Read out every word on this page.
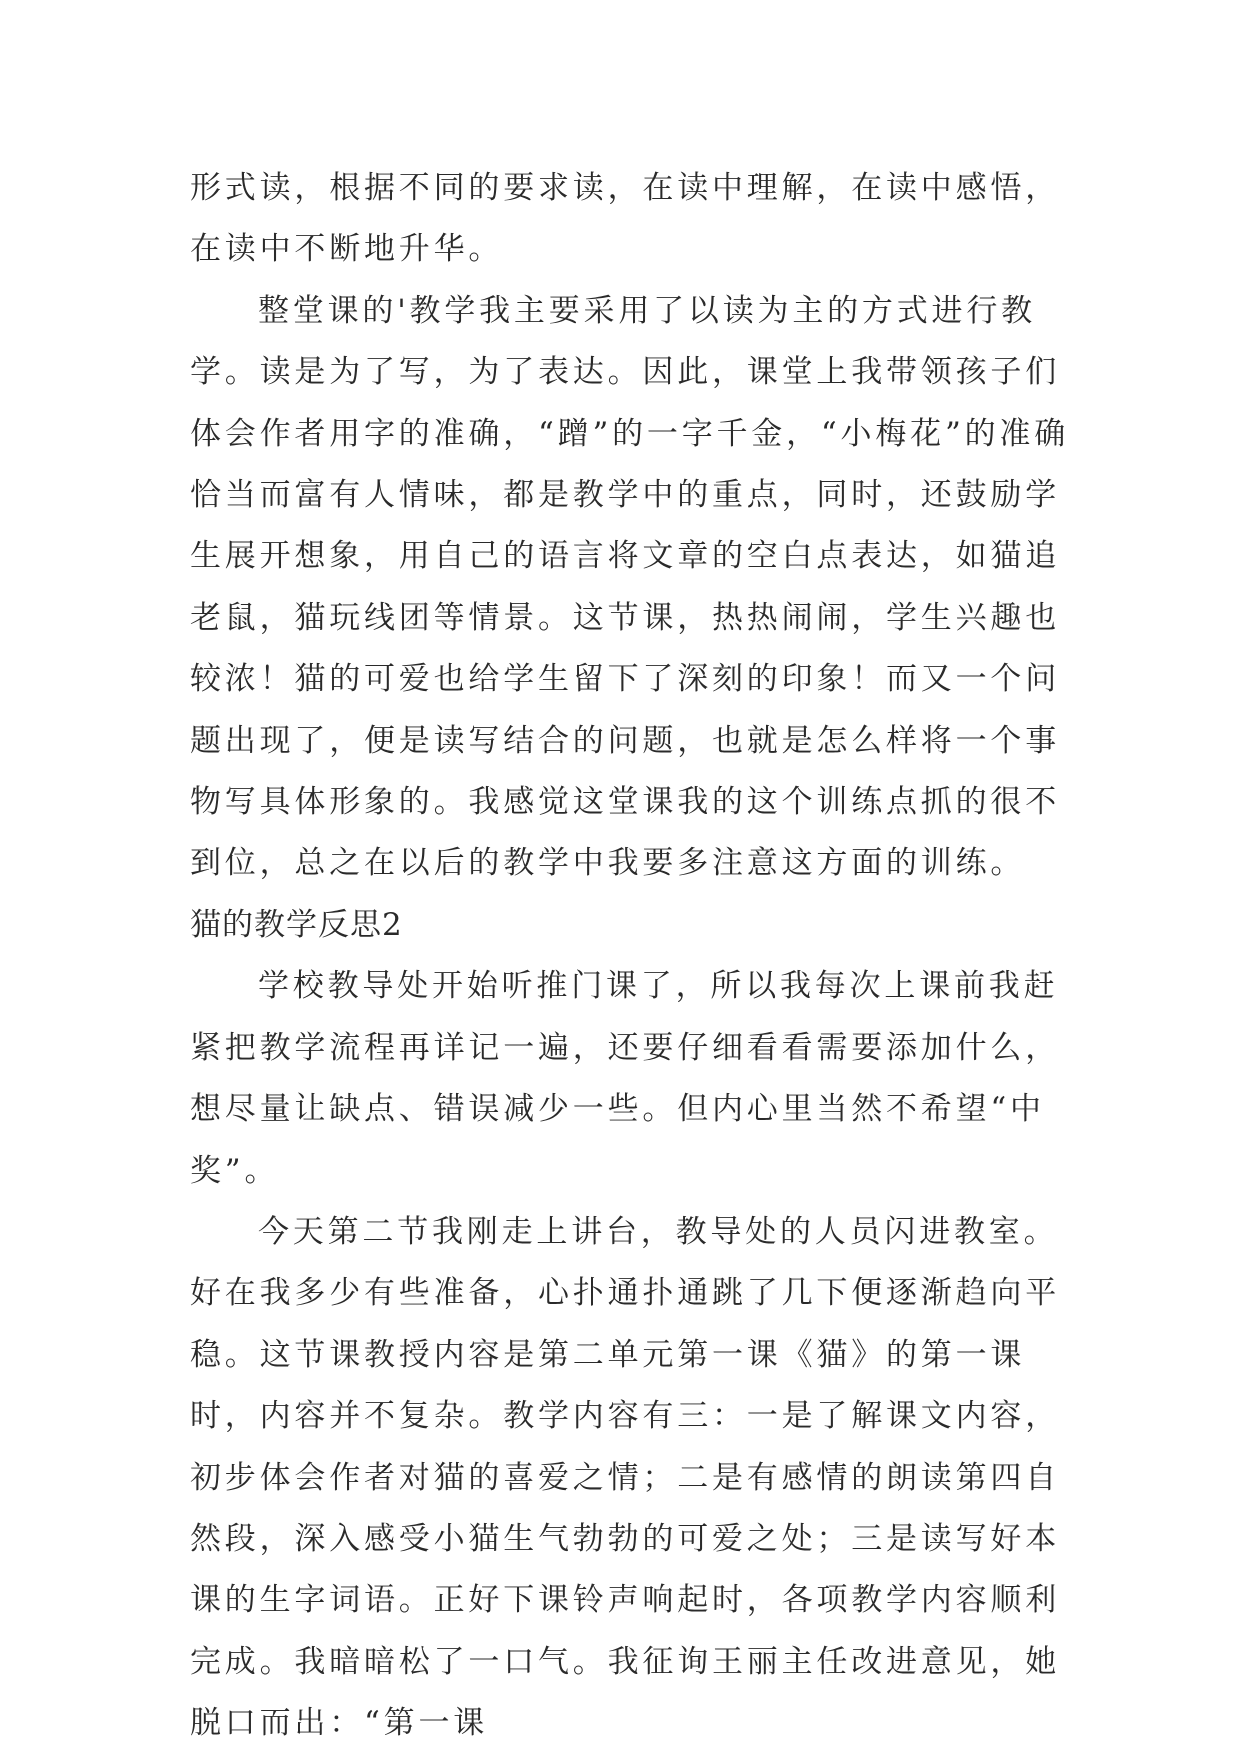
形式读，根据不同的要求读，在读中理解，在读中感悟，在读中不断地升华。

整堂课的'教学我主要采用了以读为主的方式进行教学。读是为了写，为了表达。因此，课堂上我带领孩子们体会作者用字的准确，“蹭”的一字千金，“小梅花”的准确恰当而富有人情味，都是教学中的重点，同时，还鼓励学生展开想象，用自己的语言将文章的空白点表达，如猫追老鼠，猫玩线团等情景。这节课，热热闹闹，学生兴趣也较浓！猫的可爱也给学生留下了深刻的印象！而又一个问题出现了，便是读写结合的问题，也就是怎么样将一个事物写具体形象的。我感觉这堂课我的这个训练点抓的很不到位，总之在以后的教学中我要多注意这方面的训练。

猫的教学反思2

学校教导处开始听推门课了，所以我每次上课前我赶紧把教学流程再详记一遍，还要仔细看看需要添加什么，想尽量让缺点、错误减少一些。但内心里当然不希望“中奖”。

今天第二节我刚走上讲台，教导处的人员闪进教室。好在我多少有些准备，心扑通扑通跳了几下便逐渐趋向平稳。这节课教授内容是第二单元第一课《猫》的第一课时，内容并不复杂。教学内容有三：一是了解课文内容，初步体会作者对猫的喜爱之情；二是有感情的朗读第四自然段，深入感受小猫生气勃勃的可爱之处；三是读写好本课的生字词语。正好下课铃声响起时，各项教学内容顺利完成。我暗暗松了一口气。我征询王丽主任改进意见，她脱口而出：“第一课
